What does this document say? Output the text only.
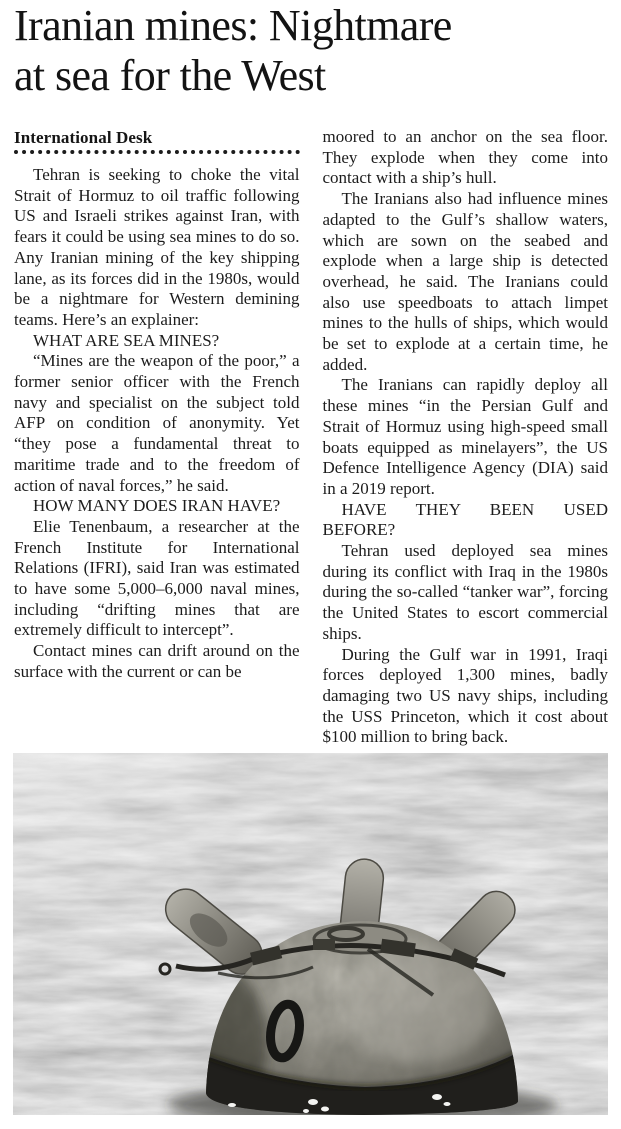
Iranian mines: Nightmare
at sea for the West
International Desk

Tehran is seeking to choke the vital Strait of Hormuz to oil traffic following US and Israeli strikes against Iran, with fears it could be using sea mines to do so. Any Iranian mining of the key shipping lane, as its forces did in the 1980s, would be a nightmare for Western demining teams. Here’s an explainer:

WHAT ARE SEA MINES?

“Mines are the weapon of the poor,” a former senior officer with the French navy and specialist on the subject told AFP on condition of anonymity. Yet “they pose a fundamental threat to maritime trade and to the freedom of action of naval forces,” he said.

HOW MANY DOES IRAN HAVE?

Elie Tenenbaum, a researcher at the French Institute for International Relations (IFRI), said Iran was estimated to have some 5,000–6,000 naval mines, including “drifting mines that are extremely difficult to intercept”.

Contact mines can drift around on the surface with the current or can be

moored to an anchor on the sea floor. They explode when they come into contact with a ship’s hull.

The Iranians also had influence mines adapted to the Gulf’s shallow waters, which are sown on the seabed and explode when a large ship is detected overhead, he said. The Iranians could also use speedboats to attach limpet mines to the hulls of ships, which would be set to explode at a certain time, he added.

The Iranians can rapidly deploy all these mines “in the Persian Gulf and Strait of Hormuz using high-speed small boats equipped as minelayers”, the US Defence Intelligence Agency (DIA) said in a 2019 report.

HAVE THEY BEEN USED BEFORE?

Tehran used deployed sea mines during its conflict with Iraq in the 1980s during the so-called “tanker war”, forcing the United States to escort commercial ships.

During the Gulf war in 1991, Iraqi forces deployed 1,300 mines, badly damaging two US navy ships, including the USS Princeton, which it cost about $100 million to bring back.
